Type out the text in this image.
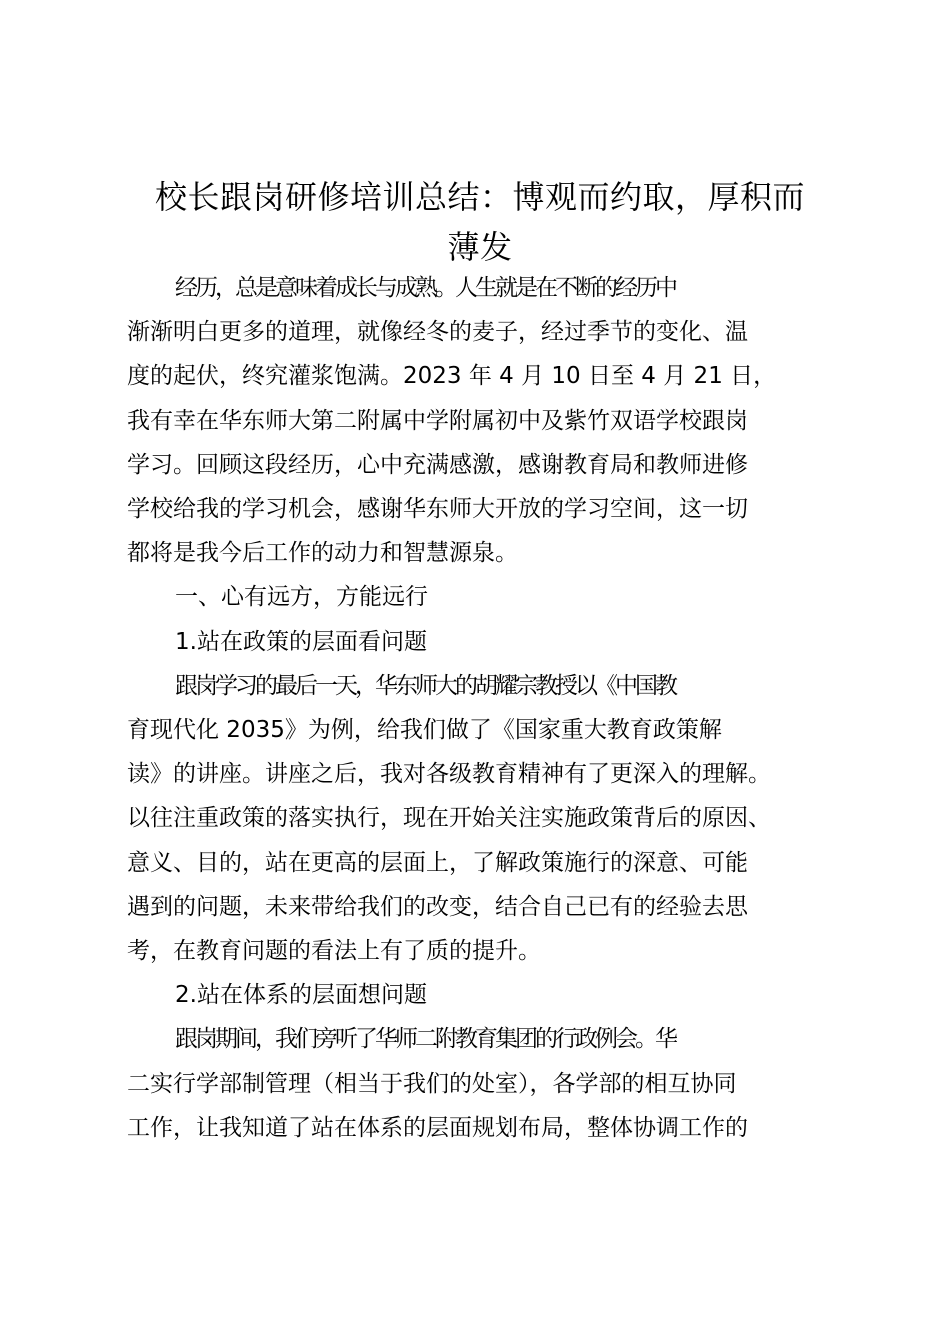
校长跟岗研修培训总结：博观而约取，厚积而
薄发

经历，总是意味着成长与成熟。人生就是在不断的经历中
渐渐明白更多的道理，就像经冬的麦子，经过季节的变化、温
度的起伏，终究灌浆饱满。2023 年 4 月 10 日至 4 月 21 日，
我有幸在华东师大第二附属中学附属初中及紫竹双语学校跟岗
学习。回顾这段经历，心中充满感激，感谢教育局和教师进修
学校给我的学习机会，感谢华东师大开放的学习空间，这一切
都将是我今后工作的动力和智慧源泉。

一、心有远方，方能远行

1.站在政策的层面看问题

跟岗学习的最后一天，华东师大的胡耀宗教授以《中国教
育现代化 2035》为例，给我们做了《国家重大教育政策解
读》的讲座。讲座之后，我对各级教育精神有了更深入的理解。
以往注重政策的落实执行，现在开始关注实施政策背后的原因、
意义、目的，站在更高的层面上，了解政策施行的深意、可能
遇到的问题，未来带给我们的改变，结合自己已有的经验去思
考，在教育问题的看法上有了质的提升。

2.站在体系的层面想问题

跟岗期间，我们旁听了华师二附教育集团的行政例会。华
二实行学部制管理（相当于我们的处室），各学部的相互协同
工作，让我知道了站在体系的层面规划布局，整体协调工作的
